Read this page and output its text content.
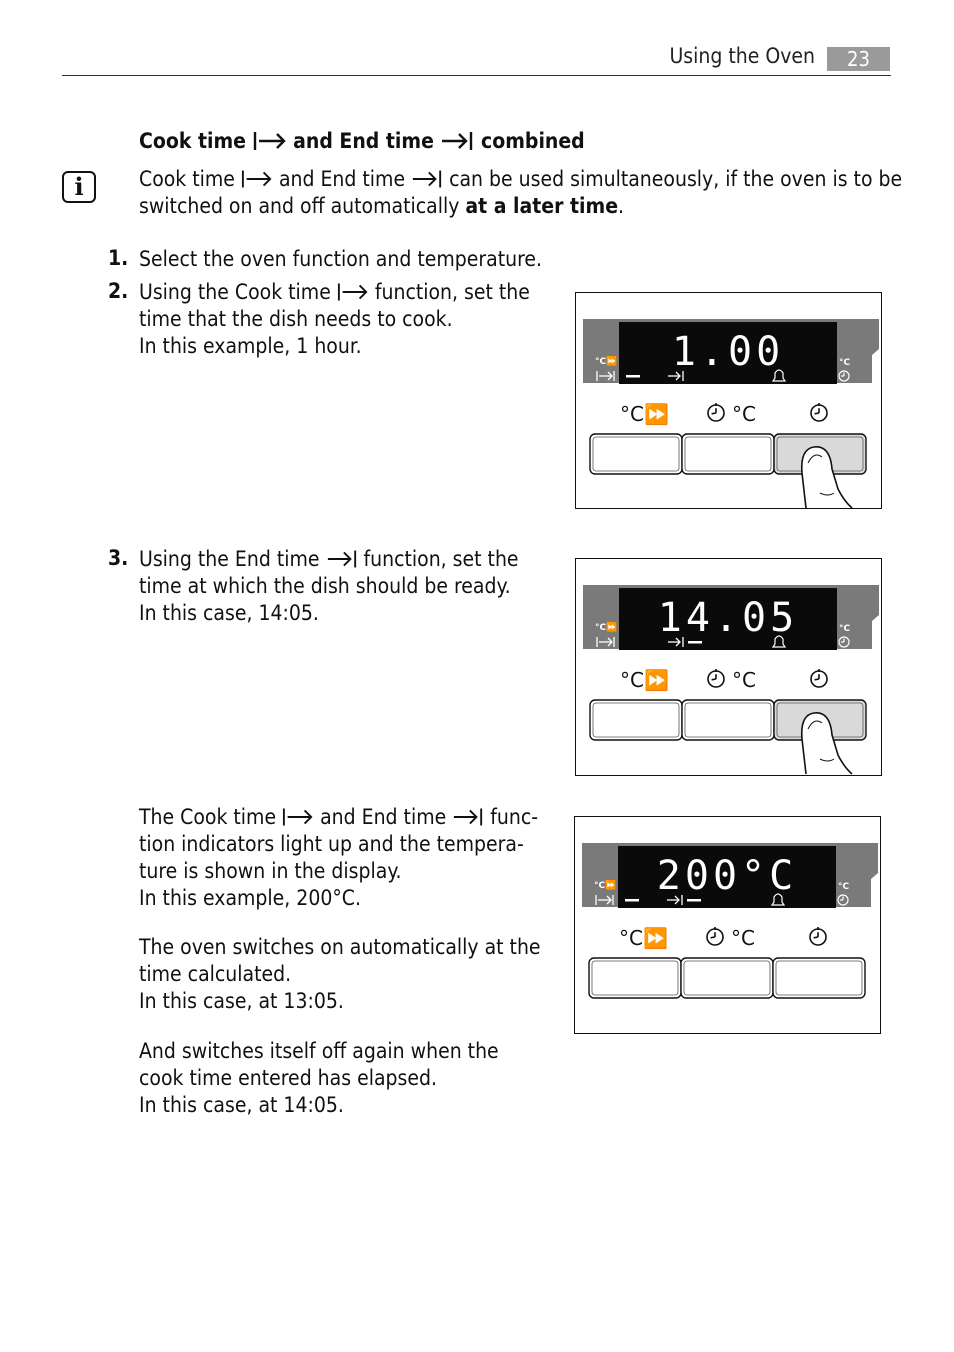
Using the Oven	23
Cook time and End time combined
i	Cook time and End time can be used simultaneously, if the oven is to be
switched on and off automatically at a later time.
1. Select the oven function and temperature.
2. Using the Cook time function, set the
time that the dish needs to cook.
In this example, 1 hour.
3. Using the End time function, set the
time at which the dish should be ready.
In this case, 14:05.
The Cook time and End time func-
tion indicators light up and the tempera-
ture is shown in the display.
In this example, 200°C.
The oven switches on automatically at the
time calculated.
In this case, at 13:05.
And switches itself off again when the
cook time entered has elapsed.
In this case, at 14:05.
1.00
°C⏩	°C
°C⏩	°C
14.05
°C⏩	°C
°C⏩	°C
200°C
°C⏩	°C
°C⏩	°C
